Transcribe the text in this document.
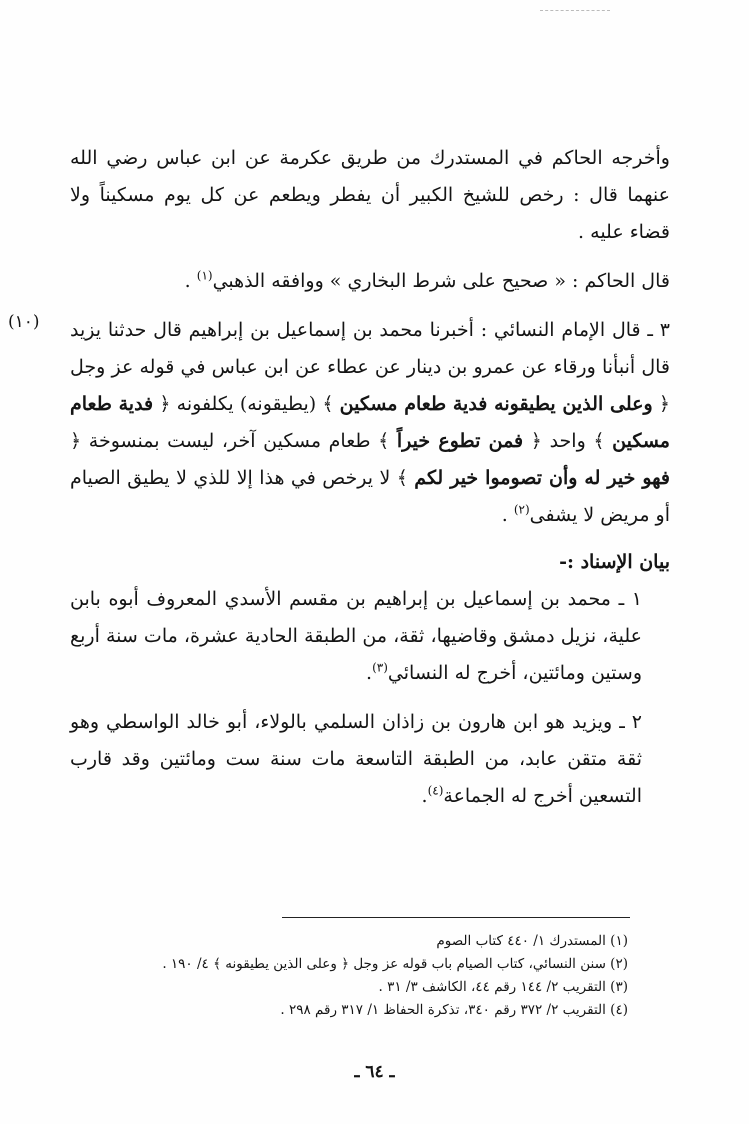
وأخرجه الحاكم في المستدرك من طريق عكرمة عن ابن عباس رضي الله عنهما قال : رخص للشيخ الكبير أن يفطر ويطعم عن كل يوم مسكيناً ولا قضاء عليه .

قال الحاكم : « صحيح على شرط البخاري » ووافقه الذهبي$^{(١)}$ .

(١٠) ٣ ـ قال الإمام النسائي : أخبرنا محمد بن إسماعيل بن إبراهيم قال حدثنا يزيد قال أنبأنا ورقاء عن عمرو بن دينار عن عطاء عن ابن عباس في قوله عز وجل ﴿ وعلى الذين يطيقونه فدية طعام مسكين ﴾ (يطيقونه) يكلفونه ﴿ فدية طعام مسكين ﴾ واحد ﴿ فمن تطوع خيراً ﴾ طعام مسكين آخر، ليست بمنسوخة ﴿ فهو خير له وأن تصوموا خير لكم ﴾ لا يرخص في هذا إلا للذي لا يطيق الصيام أو مريض لا يشفى$^{(٢)}$ .

بيان الإسناد :-

١ ـ محمد بن إسماعيل بن إبراهيم بن مقسم الأسدي المعروف أبوه بابن علية، نزيل دمشق وقاضيها، ثقة، من الطبقة الحادية عشرة، مات سنة أربع وستين ومائتين، أخرج له النسائي$^{(٣)}$.

٢ ـ ويزيد هو ابن هارون بن زاذان السلمي بالولاء، أبو خالد الواسطي وهو ثقة متقن عابد، من الطبقة التاسعة مات سنة ست ومائتين وقد قارب التسعين أخرج له الجماعة$^{(٤)}$.

(١) المستدرك ١/ ٤٤٠ كتاب الصوم
(٢) سنن النسائي، كتاب الصيام باب قوله عز وجل ﴿ وعلى الذين يطيقونه ﴾ ٤/ ١٩٠ .
(٣) التقريب ٢/ ١٤٤ رقم ٤٤، الكاشف ٣/ ٣١ .
(٤) التقريب ٢/ ٣٧٢ رقم ٣٤٠، تذكرة الحفاظ ١/ ٣١٧ رقم ٢٩٨ .
ـ ٦٤ ـ
